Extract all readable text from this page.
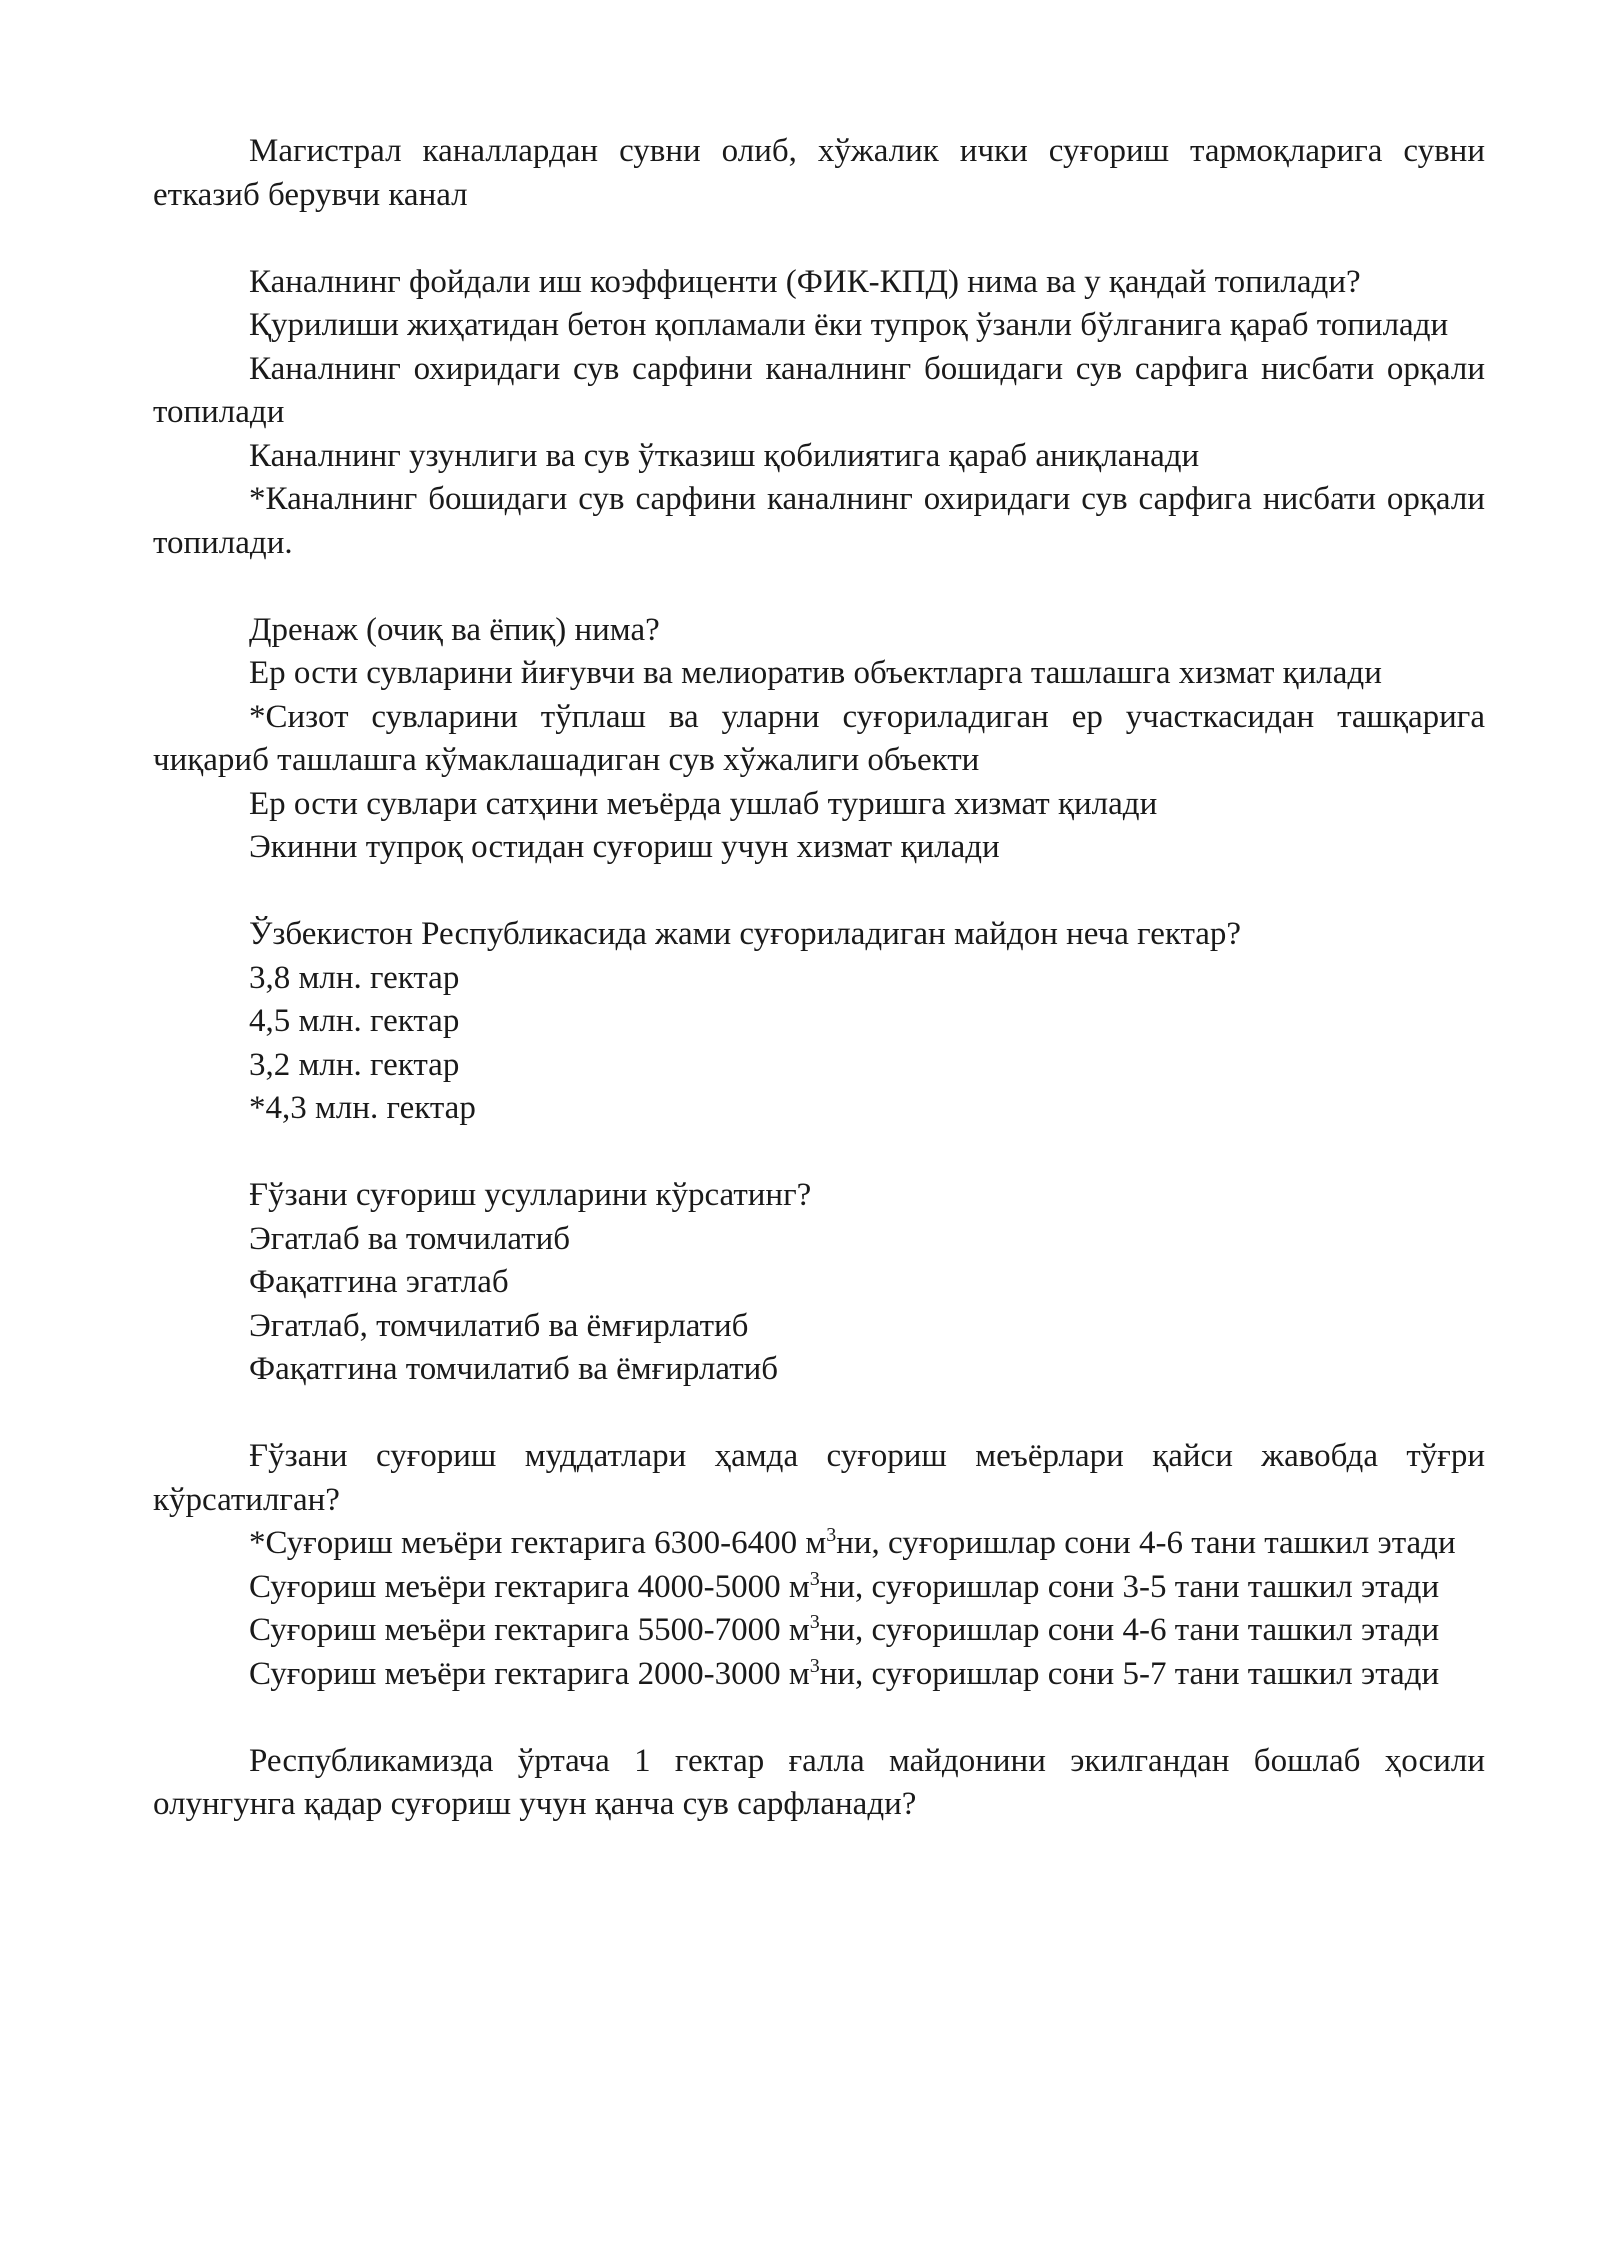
Магистрал каналлардан сувни олиб, хўжалик ички суғориш тармоқларига сувни етказиб берувчи канал

Каналнинг фойдали иш коэффиценти (ФИК-КПД) нима ва у қандай топилади?

Қурилиши жиҳатидан бетон қопламали ёки тупроқ ўзанли бўлганига қараб топилади

Каналнинг охиридаги сув сарфини каналнинг бошидаги сув сарфига нисбати орқали топилади

Каналнинг узунлиги ва сув ўтказиш қобилиятига қараб аниқланади

*Каналнинг бошидаги сув сарфини каналнинг охиридаги сув сарфига нисбати орқали топилади.

Дренаж (очиқ ва ёпиқ) нима?

Ер ости сувларини йиғувчи ва мелиоратив объектларга ташлашга хизмат қилади

*Сизот сувларини тўплаш ва уларни суғориладиган ер участкасидан ташқарига чиқариб ташлашга кўмаклашадиган сув хўжалиги объекти

Ер ости сувлари сатҳини меъёрда ушлаб туришга хизмат қилади

Экинни тупроқ остидан суғориш учун хизмат қилади

Ўзбекистон Республикасида жами суғориладиган майдон неча гектар?

3,8 млн. гектар

4,5 млн. гектар

3,2 млн. гектар

*4,3 млн. гектар

Ғўзани суғориш усулларини кўрсатинг?

Эгатлаб ва томчилатиб

Фақатгина эгатлаб

Эгатлаб, томчилатиб ва ёмғирлатиб

Фақатгина томчилатиб ва ёмғирлатиб

Ғўзани суғориш муддатлари ҳамда суғориш меъёрлари қайси жавобда тўғри кўрсатилган?

*Суғориш меъёри гектарига 6300-6400 $м^3ни$, суғоришлар сони 4-6 тани ташкил этади

Суғориш меъёри гектарига 4000-5000 $м^3ни$, суғоришлар сони 3-5 тани ташкил этади

Суғориш меъёри гектарига 5500-7000 $м^3ни$, суғоришлар сони 4-6 тани ташкил этади

Суғориш меъёри гектарига 2000-3000 $м^3ни$, суғоришлар сони 5-7 тани ташкил этади

Республикамизда ўртача 1 гектар ғалла майдонини экилгандан бошлаб ҳосили олунгунга қадар суғориш учун қанча сув сарфланади?
